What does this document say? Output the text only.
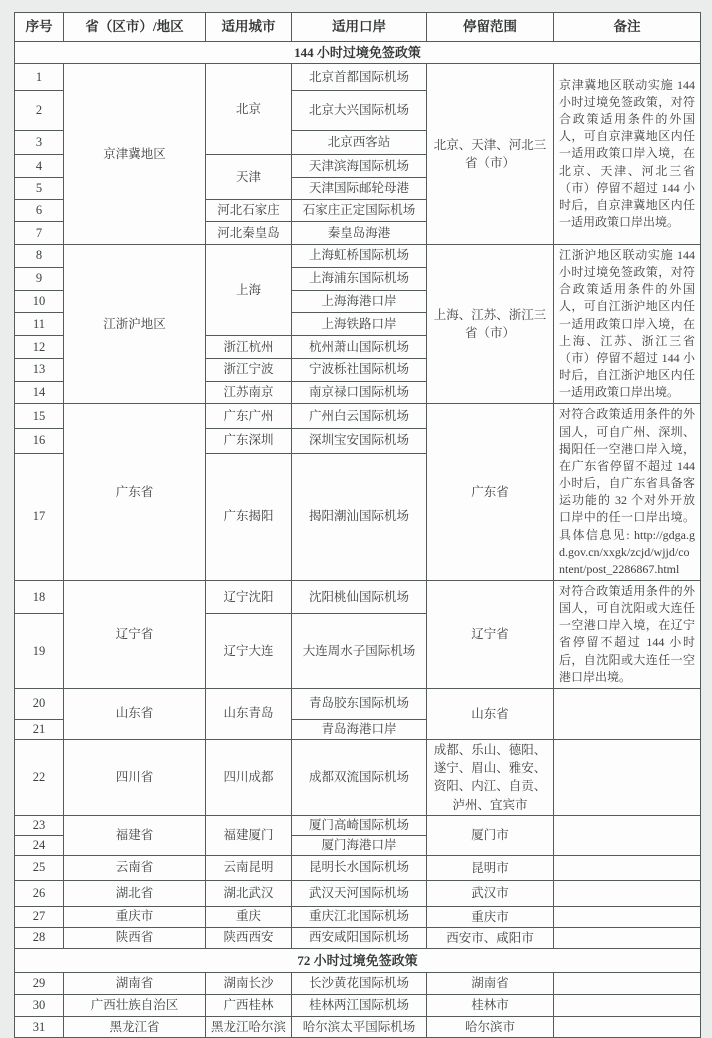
序号	省（区市）/地区	适用城市	适用口岸	停留范围	备注
144 小时过境免签政策					
1	京津冀地区	北京	北京首都国际机场	北京、天津、河北三省（市）	京津冀地区联动实施 144 小时过境免签政策，对符合政策适用条件的外国人，可自京津冀地区内任一适用政策口岸入境，在北京、天津、河北三省（市）停留不超过 144 小时后，自京津冀地区内任一适用政策口岸出境。
2			北京大兴国际机场		
3			北京西客站		
4		天津	天津滨海国际机场		
5			天津国际邮轮母港		
6		河北石家庄	石家庄正定国际机场		
7		河北秦皇岛	秦皇岛海港		
8	江浙沪地区	上海	上海虹桥国际机场	上海、江苏、浙江三省（市）	江浙沪地区联动实施 144 小时过境免签政策，对符合政策适用条件的外国人，可自江浙沪地区内任一适用政策口岸入境，在上海、江苏、浙江三省（市）停留不超过 144 小时后，自江浙沪地区内任一适用政策口岸出境。
9			上海浦东国际机场		
10			上海海港口岸		
11			上海铁路口岸		
12		浙江杭州	杭州萧山国际机场		
13		浙江宁波	宁波栎社国际机场		
14		江苏南京	南京禄口国际机场		
15	广东省	广东广州	广州白云国际机场	广东省	对符合政策适用条件的外国人，可自广州、深圳、揭阳任一空港口岸入境，在广东省停留不超过 144 小时后，自广东省具备客运功能的 32 个对外开放口岸中的任一口岸出境。具体信息见: http://gdga.gd.gov.cn/xxgk/zcjd/wjjd/content/post_2286867.html
16		广东深圳	深圳宝安国际机场		
17		广东揭阳	揭阳潮汕国际机场		
18	辽宁省	辽宁沈阳	沈阳桃仙国际机场	辽宁省	对符合政策适用条件的外国人，可自沈阳或大连任一空港口岸入境，在辽宁省停留不超过 144 小时后，自沈阳或大连任一空港口岸出境。
19		辽宁大连	大连周水子国际机场		
20	山东省	山东青岛	青岛胶东国际机场	山东省	
21			青岛海港口岸		
22	四川省	四川成都	成都双流国际机场	成都、乐山、德阳、遂宁、眉山、雅安、资阳、内江、自贡、泸州、宜宾市	
23	福建省	福建厦门	厦门高崎国际机场	厦门市	
24			厦门海港口岸		
25	云南省	云南昆明	昆明长水国际机场	昆明市	
26	湖北省	湖北武汉	武汉天河国际机场	武汉市	
27	重庆市	重庆	重庆江北国际机场	重庆市	
28	陕西省	陕西西安	西安咸阳国际机场	西安市、咸阳市	
72 小时过境免签政策					
29	湖南省	湖南长沙	长沙黄花国际机场	湖南省	
30	广西壮族自治区	广西桂林	桂林两江国际机场	桂林市	
31	黑龙江省	黑龙江哈尔滨	哈尔滨太平国际机场	哈尔滨市	
